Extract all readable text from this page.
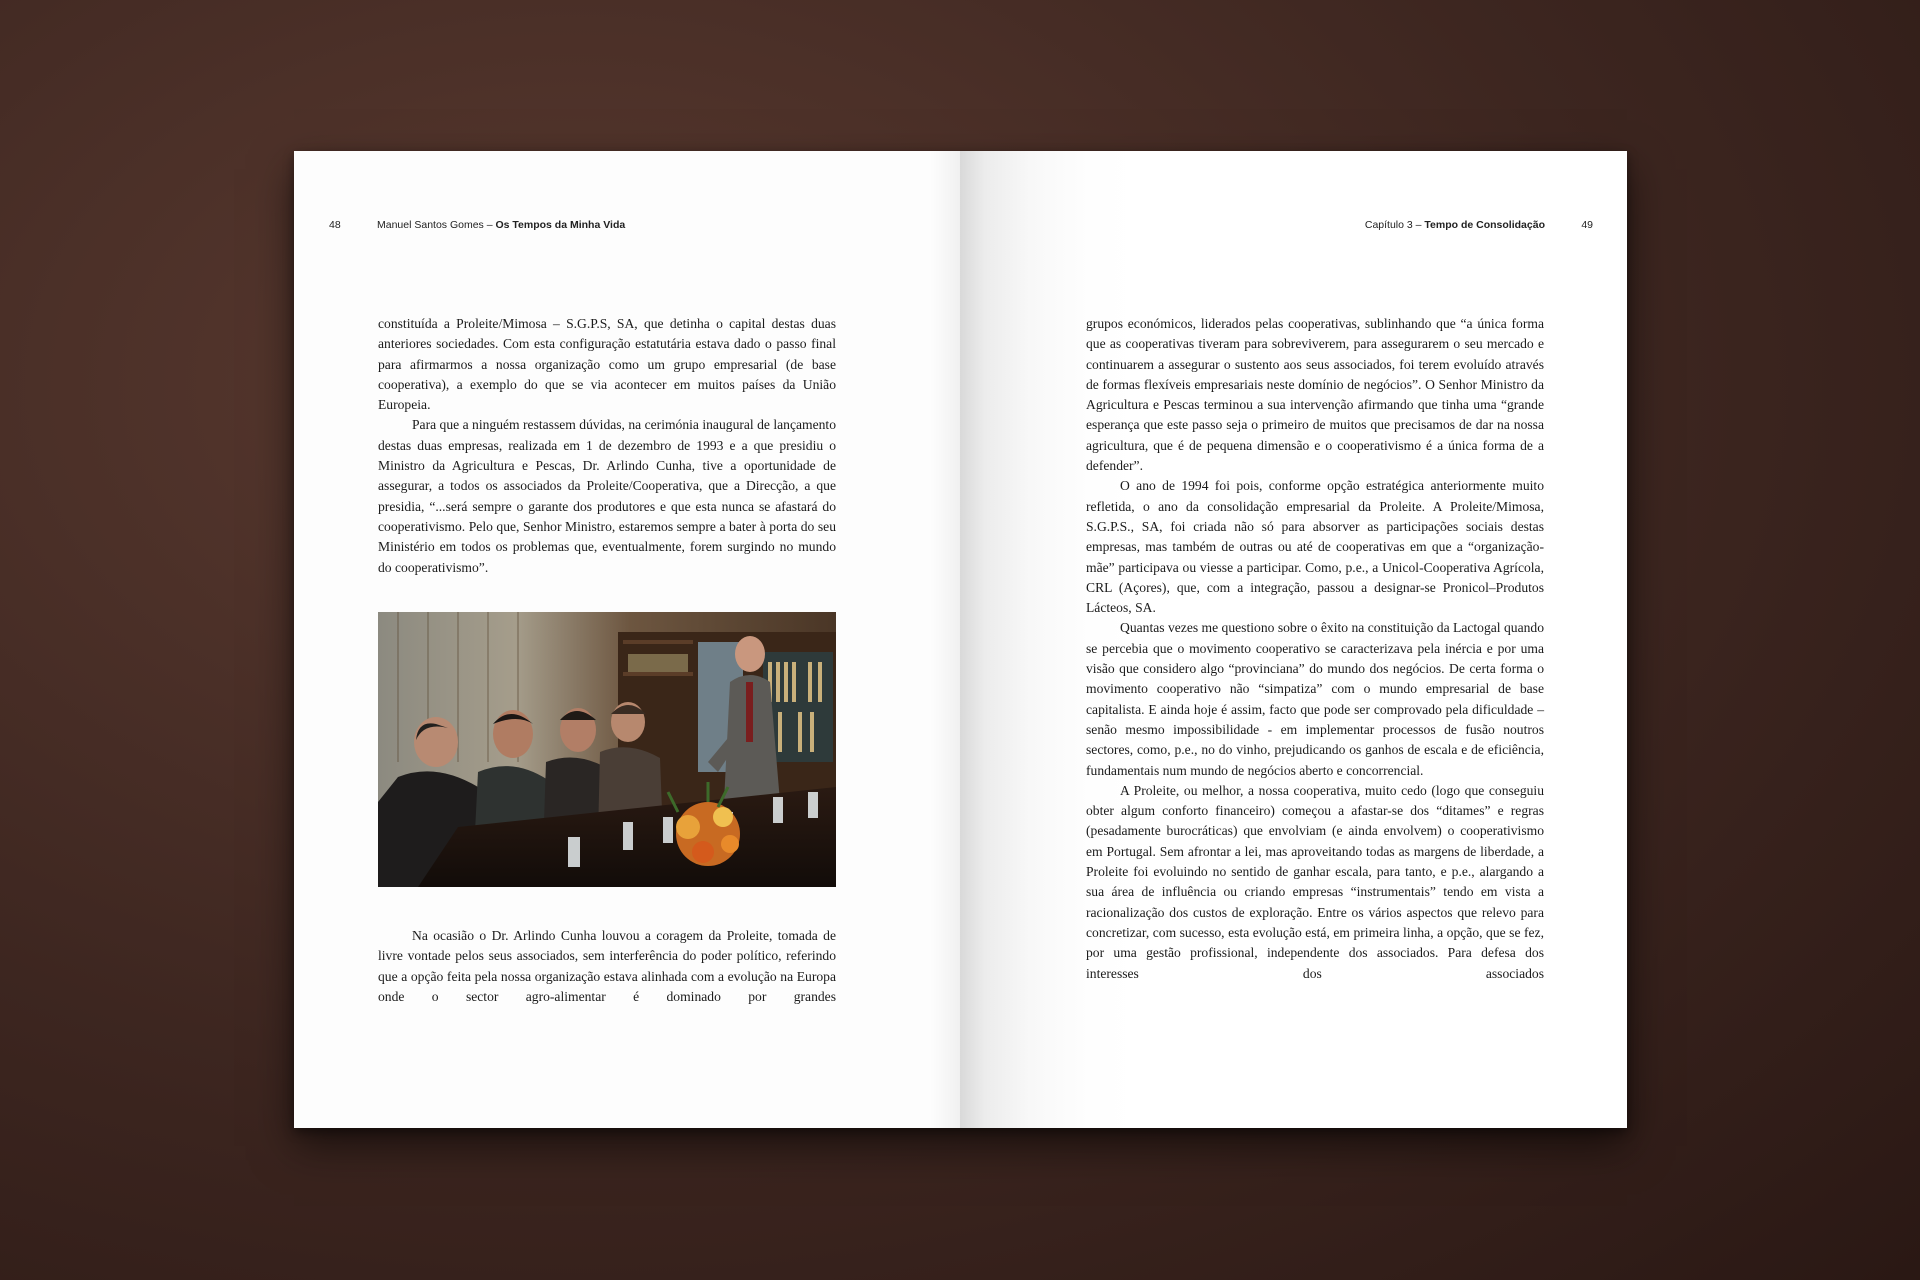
48	Manuel Santos Gomes – Os Tempos da Minha Vida

constituída a Proleite/Mimosa – S.G.P.S, SA, que detinha o capital destas duas anteriores sociedades. Com esta configuração estatutária estava dado o passo final para afirmarmos a nossa organização como um grupo empresarial (de base cooperativa), a exemplo do que se via acontecer em muitos países da União Europeia.

Para que a ninguém restassem dúvidas, na cerimónia inaugural de lançamento destas duas empresas, realizada em 1 de dezembro de 1993 e a que presidiu o Ministro da Agricultura e Pescas, Dr. Arlindo Cunha, tive a oportunidade de assegurar, a todos os associados da Proleite/Cooperativa, que a Direcção, a que presidia, “...será sempre o garante dos produtores e que esta nunca se afastará do cooperativismo. Pelo que, Senhor Ministro, estaremos sempre a bater à porta do seu Ministério em todos os problemas que, eventualmente, forem surgindo no mundo do cooperativismo”.

Na ocasião o Dr. Arlindo Cunha louvou a coragem da Proleite, tomada de livre vontade pelos seus associados, sem interferência do poder político, referindo que a opção feita pela nossa organização estava alinhada com a evolução na Europa onde o sector agro-alimentar é dominado por grandes

Capítulo 3 – Tempo de Consolidação	49

grupos económicos, liderados pelas cooperativas, sublinhando que “a única forma que as cooperativas tiveram para sobreviverem, para assegurarem o seu mercado e continuarem a assegurar o sustento aos seus associados, foi terem evoluído através de formas flexíveis empresariais neste domínio de negócios”. O Senhor Ministro da Agricultura e Pescas terminou a sua intervenção afirmando que tinha uma “grande esperança que este passo seja o primeiro de muitos que precisamos de dar na nossa agricultura, que é de pequena dimensão e o cooperativismo é a única forma de a defender”.

O ano de 1994 foi pois, conforme opção estratégica anteriormente muito refletida, o ano da consolidação empresarial da Proleite. A Proleite/Mimosa, S.G.P.S., SA, foi criada não só para absorver as participações sociais destas empresas, mas também de outras ou até de cooperativas em que a “organização-mãe” participava ou viesse a participar. Como, p.e., a Unicol-Cooperativa Agrícola, CRL (Açores), que, com a integração, passou a designar-se Pronicol–Produtos Lácteos, SA.

Quantas vezes me questiono sobre o êxito na constituição da Lactogal quando se percebia que o movimento cooperativo se caracterizava pela inércia e por uma visão que considero algo “provinciana” do mundo dos negócios. De certa forma o movimento cooperativo não “simpatiza” com o mundo empresarial de base capitalista. E ainda hoje é assim, facto que pode ser comprovado pela dificuldade – senão mesmo impossibilidade - em implementar processos de fusão noutros sectores, como, p.e., no do vinho, prejudicando os ganhos de escala e de eficiência, fundamentais num mundo de negócios aberto e concorrencial.

A Proleite, ou melhor, a nossa cooperativa, muito cedo (logo que conseguiu obter algum conforto financeiro) começou a afastar-se dos “ditames” e regras (pesadamente burocráticas) que envolviam (e ainda envolvem) o cooperativismo em Portugal. Sem afrontar a lei, mas aproveitando todas as margens de liberdade, a Proleite foi evoluindo no sentido de ganhar escala, para tanto, e p.e., alargando a sua área de influência ou criando empresas “instrumentais” tendo em vista a racionalização dos custos de exploração. Entre os vários aspectos que relevo para concretizar, com sucesso, esta evolução está, em primeira linha, a opção, que se fez, por uma gestão profissional, independente dos associados. Para defesa dos interesses dos associados
